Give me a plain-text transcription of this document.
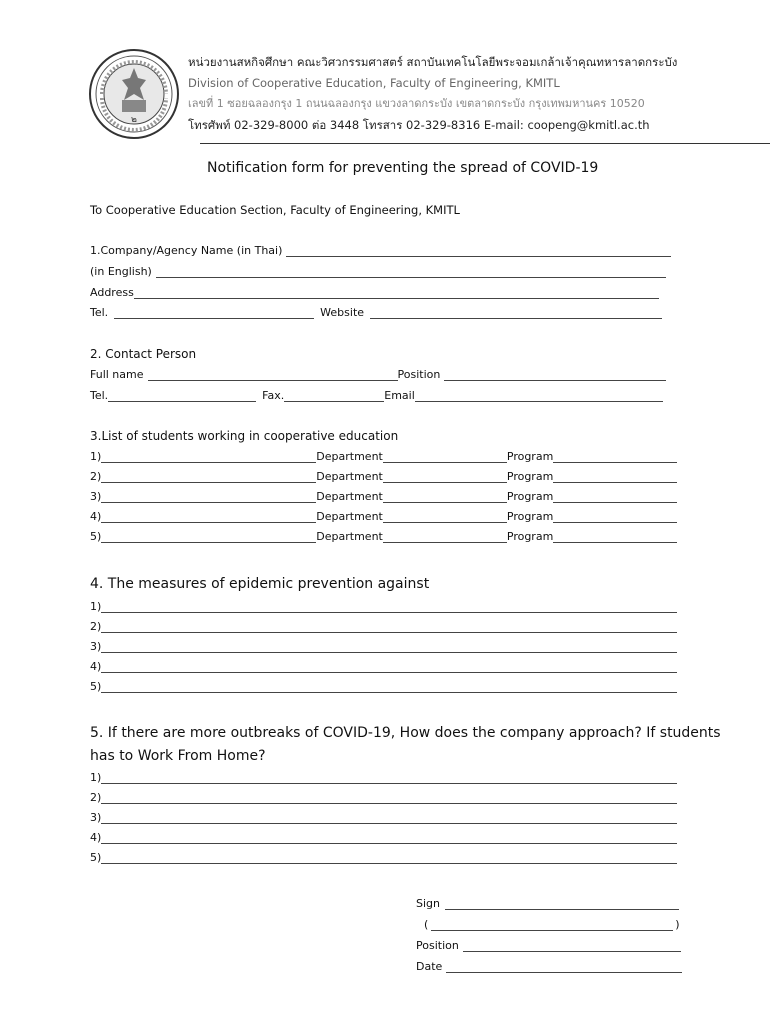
๒
หน่วยงานสหกิจศึกษา คณะวิศวกรรมศาสตร์ สถาบันเทคโนโลยีพระจอมเกล้าเจ้าคุณทหารลาดกระบัง
Division of Cooperative Education, Faculty of Engineering, KMITL
เลขที่ 1 ซอยฉลองกรุง 1 ถนนฉลองกรุง แขวงลาดกระบัง เขตลาดกระบัง กรุงเทพมหานคร 10520
โทรศัพท์ 02-329-8000 ต่อ 3448 โทรสาร 02-329-8316 E-mail: coopeng@kmitl.ac.th
Notification form for preventing the spread of COVID-19
To Cooperative Education Section, Faculty of Engineering, KMITL
1.Company/Agency Name (in Thai)
(in English)
Address
Tel.	Website
2. Contact Person
Full name	Position
Tel.	Fax.	Email
3.List of students working in cooperative education
1)	Department	Program
2)	Department	Program
3)	Department	Program
4)	Department	Program
5)	Department	Program
4. The measures of epidemic prevention against
1)
2)
3)
4)
5)
5. If there are more outbreaks of COVID-19, How does the company approach? If students
has to Work From Home?
1)
2)
3)
4)
5)
Sign
(	)
Position
Date
